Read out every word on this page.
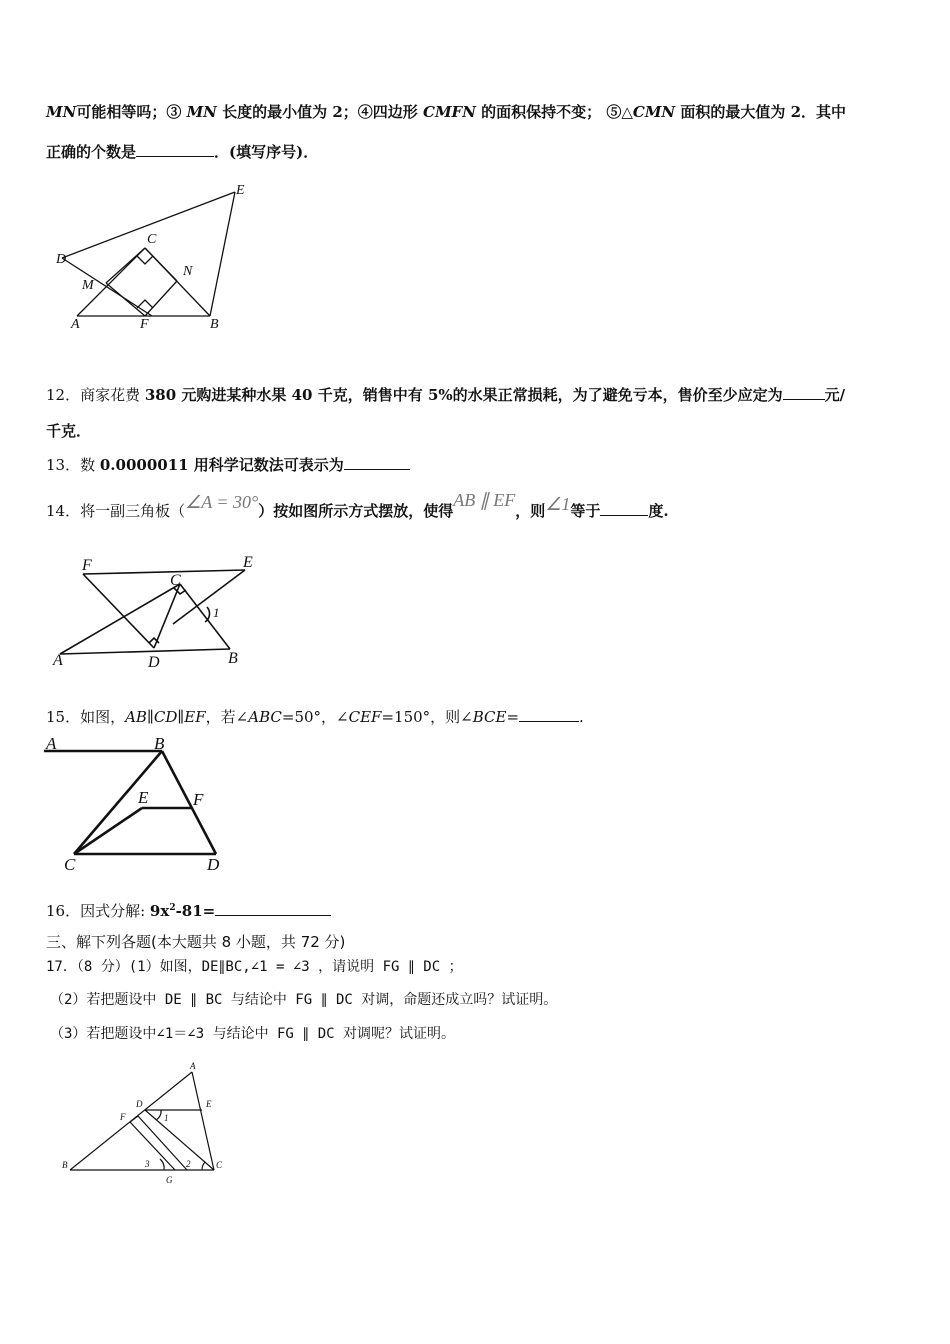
MN可能相等吗；③ MN 长度的最小值为 2；④四边形 CMFN 的面积保持不变； ⑤△CMN 面积的最大值为 2．其中
正确的个数是	．(填写序号)．
E
C
D
N
M
A	F	B
12．商家花费 380 元购进某种水果 40 千克，销售中有 5%的水果正常损耗，为了避免亏本，售价至少应定为	元/
千克．
13．数 0.0000011 用科学记数法可表示为
14．将一副三角板（∠A = 30°）按如图所示方式摆放，使得AB ∥ EF，则∠1等于	度.
F	E
C
1
A	D	B
15．如图，AB∥CD∥EF，若∠ABC=50°，∠CEF=150°，则∠BCE=	.
A	B
E	F
C	D
16．因式分解: $9x^2-81=$
三、解下列各题(本大题共 8 小题，共 72 分)
17．（8 分）(1）如图，DE∥BC,∠1 = ∠3 ，请说明 FG ∥ DC ；
（2）若把题设中 DE ∥ BC 与结论中 FG ∥ DC 对调，命题还成立吗？试证明。
（3）若把题设中∠1＝∠3 与结论中 FG ∥ DC 对调呢？试证明。
A
D	E
F	1
B	3	2	C
G
